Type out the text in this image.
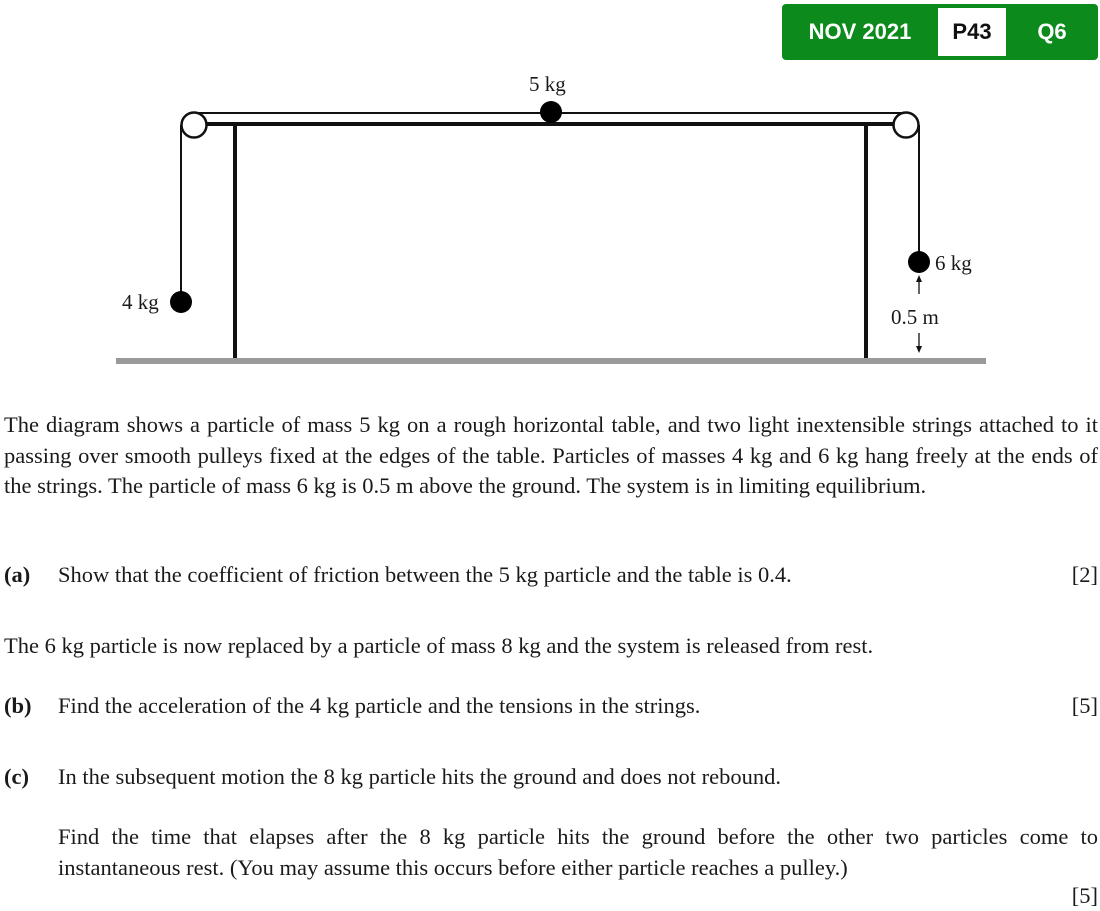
NOV 2021	P43	Q6
5 kg
4 kg
6 kg
0.5 m

The diagram shows a particle of mass 5 kg on a rough horizontal table, and two light inextensible strings attached to it passing over smooth pulleys fixed at the edges of the table. Particles of masses 4 kg and 6 kg hang freely at the ends of the strings. The particle of mass 6 kg is 0.5 m above the ground. The system is in limiting equilibrium.

(a) Show that the coefficient of friction between the 5 kg particle and the table is 0.4.	[2]
The 6 kg particle is now replaced by a particle of mass 8 kg and the system is released from rest.
(b) Find the acceleration of the 4 kg particle and the tensions in the strings.	[5]
(c) In the subsequent motion the 8 kg particle hits the ground and does not rebound.

Find the time that elapses after the 8 kg particle hits the ground before the other two particles come to instantaneous rest. (You may assume this occurs before either particle reaches a pulley.)

[5]
